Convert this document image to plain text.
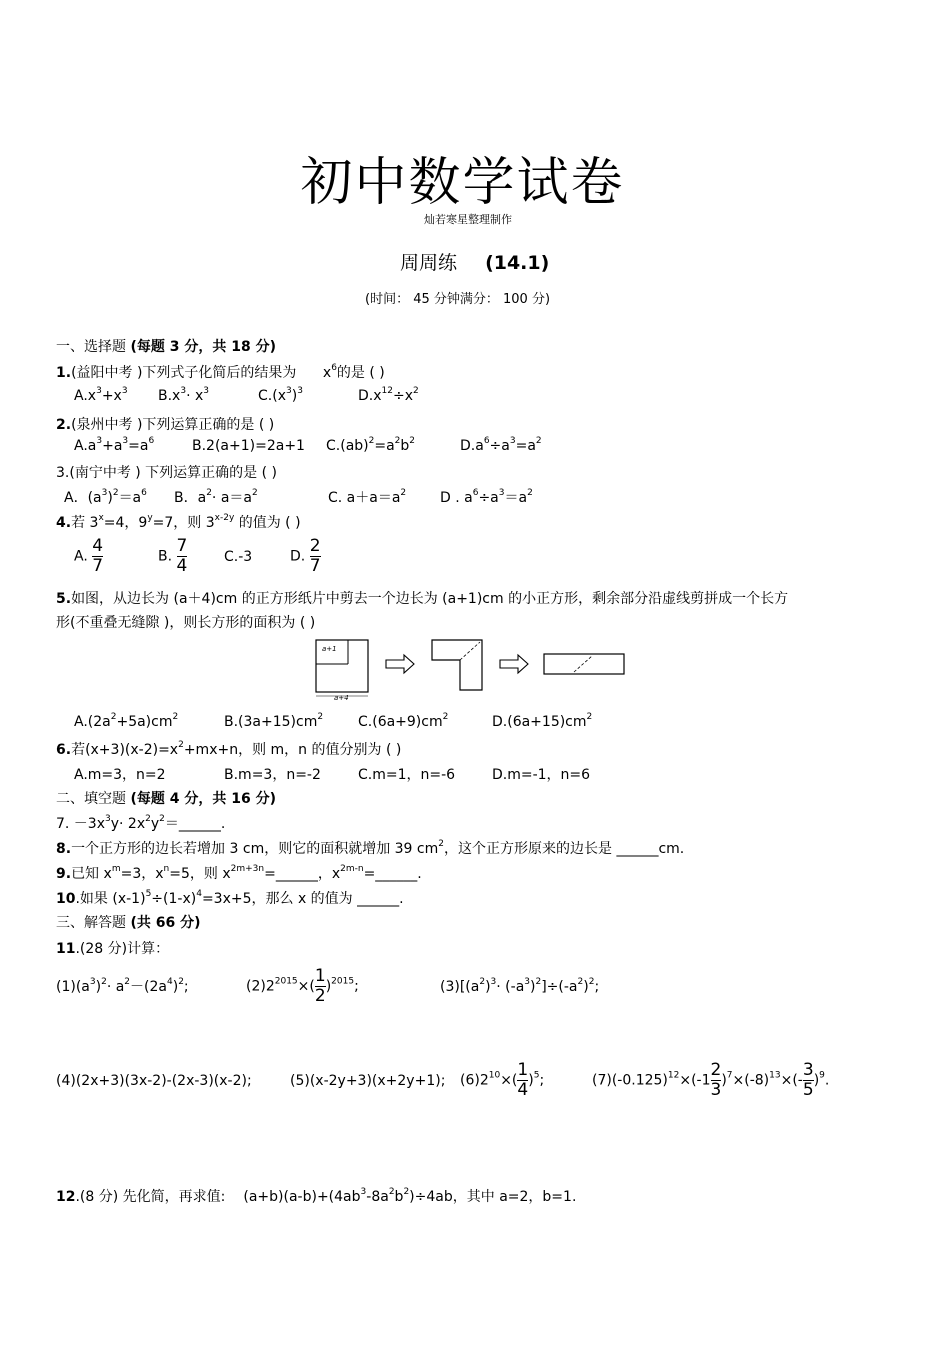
初中数学试卷
灿若寒星整理制作
周周练 (14.1)
(时间： 45 分钟满分： 100 分)
一、选择题 (每题 3 分，共 18 分)
1.(益阳中考 )下列式子化简后的结果为 $x^6$的是 ( )
$A.x^3+x^3$ $B.x^3\cdot x^3$	$C.(x^3)^3$	$D.x^{12}\div x^2$
2.(泉州中考 )下列运算正确的是 ( )
$A.a^3+a^3=a^6$	B.2(a+1)=2a+1 $C.(ab)^2=a^2b^2$	$D.a^6\div a^3=a^2$
3.(南宁中考 ) 下列运算正确的是 ( )
A．$(a^3)^2=a^6$ B．$a^2\cdot a=a^2$	C. $a+a=a^2$ D . $a^6\div a^3=a^2$
4.若 $3^x=4$，$9^y=7$，则 $3^{x-2y}$ 的值为 ( )
A. $\frac{4}{7}$	B. $\frac{7}{4}$	C.-3	D. $\frac{2}{7}$
5.如图，从边长为 (a＋4)cm 的正方形纸片中剪去一个边长为 (a+1)cm 的小正方形，剩余部分沿虚线剪拼成一个长方
形(不重叠无缝隙 )，则长方形的面积为 ( )
a+1
a+4
$A.(2a^2+5a)cm^2$	$B.(3a+15)cm^2$ $C.(6a+9)cm^2$	$D.(6a+15)cm^2$
6.若$(x+3)(x-2)=x^2+mx+n$，则 m，n 的值分别为 ( )
A.m=3，n=2	B.m=3，n=-2	C.m=1，n=-6	D.m=-1，n=6
二、填空题 (每题 4 分，共 16 分)
7. $-3x^3y\cdot$ $2x^2y^2=\_\_\_\_\_\_$.
8.一个正方形的边长若增加 3 cm，则它的面积就增加 39 $cm^2$，这个正方形原来的边长是 ______cm.
9.已知 $x^m=3$，$x^n=5$，则 $x^{2m+3n}=\_\_\_\_\_\_$，$x^{2m-n}=\_\_\_\_\_\_$.
10.如果 $(x-1)^5\div(1-x)^4=3x+5$，那么 x 的值为 ______.
三、解答题 (共 66 分)
11.(28 分)计算：
$(1)(a^3)^2\cdot a^2-(2a^4)^2$;	$(2)2^{2015}\times( \frac{1}{2} )^{2015}$;	$(3)[(a^2)^3\cdot (-a^3)^2]\div(-a^2)^2$;
(4)(2x+3)(3x-2)-(2x-3)(x-2);	(5)(x-2y+3)(x+2y+1); $(6)2^{10}\times( \frac{1}{4} )^5$;	$(7)(-0.125)^{12}\times(-1 \frac{2}{3} )^7\times(-8)^{13}\times(- \frac{3}{5} )^9$.
12.(8 分) 先化简，再求值: $(a+b)(a-b)+(4ab^3-8a^2b^2)\div 4ab$，其中 a=2，b=1.
